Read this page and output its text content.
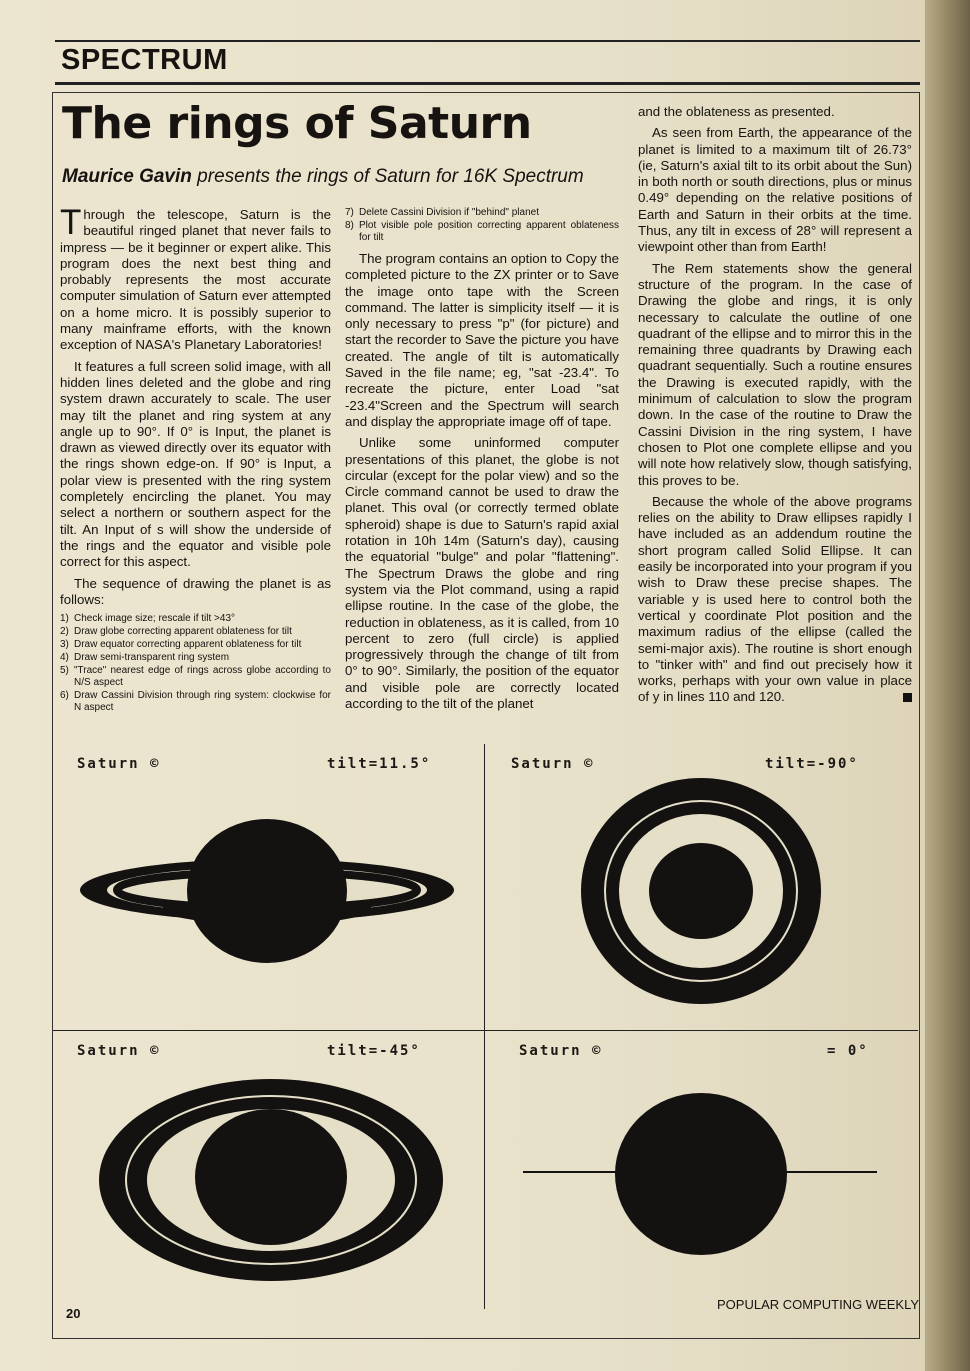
SPECTRUM
The rings of Saturn
Maurice Gavin presents the rings of Saturn for 16K Spectrum

Through the telescope, Saturn is the beautiful ringed planet that never fails to impress — be it beginner or expert alike. This program does the next best thing and probably represents the most accurate computer simulation of Saturn ever attempted on a home micro. It is possibly superior to many mainframe efforts, with the known exception of NASA's Planetary Laboratories!

It features a full screen solid image, with all hidden lines deleted and the globe and ring system drawn accurately to scale. The user may tilt the planet and ring system at any angle up to 90°. If 0° is Input, the planet is drawn as viewed directly over its equator with the rings shown edge-on. If 90° is Input, a polar view is presented with the ring system completely encircling the planet. You may select a northern or southern aspect for the tilt. An Input of s will show the underside of the rings and the equator and visible pole correct for this aspect.

The sequence of drawing the planet is as follows:

1) Check image size; rescale if tilt >43°
2) Draw globe correcting apparent oblateness for tilt
3) Draw equator correcting apparent oblateness for tilt
4) Draw semi-transparent ring system
5) "Trace" nearest edge of rings across globe according to N/S aspect
6) Draw Cassini Division through ring system: clockwise for N aspect
7) Delete Cassini Division if "behind" planet
8) Plot visible pole position correcting apparent oblateness for tilt

The program contains an option to Copy the completed picture to the ZX printer or to Save the image onto tape with the Screen command. The latter is simplicity itself — it is only necessary to press "p" (for picture) and start the recorder to Save the picture you have created. The angle of tilt is automatically Saved in the file name; eg, "sat -23.4". To recreate the picture, enter Load "sat -23.4"Screen and the Spectrum will search and display the appropriate image off of tape.

Unlike some uninformed computer presentations of this planet, the globe is not circular (except for the polar view) and so the Circle command cannot be used to draw the planet. This oval (or correctly termed oblate spheroid) shape is due to Saturn's rapid axial rotation in 10h 14m (Saturn's day), causing the equatorial "bulge" and polar "flattening". The Spectrum Draws the globe and ring system via the Plot command, using a rapid ellipse routine. In the case of the globe, the reduction in oblateness, as it is called, from 10 percent to zero (full circle) is applied progressively through the change of tilt from 0° to 90°. Similarly, the position of the equator and visible pole are correctly located according to the tilt of the planet

and the oblateness as presented.

As seen from Earth, the appearance of the planet is limited to a maximum tilt of 26.73° (ie, Saturn's axial tilt to its orbit about the Sun) in both north or south directions, plus or minus 0.49° depending on the relative positions of Earth and Saturn in their orbits at the time. Thus, any tilt in excess of 28° will represent a viewpoint other than from Earth!

The Rem statements show the general structure of the program. In the case of Drawing the globe and rings, it is only necessary to calculate the outline of one quadrant of the ellipse and to mirror this in the remaining three quadrants by Drawing each quadrant sequentially. Such a routine ensures the Drawing is executed rapidly, with the minimum of calculation to slow the program down. In the case of the routine to Draw the Cassini Division in the ring system, I have chosen to Plot one complete ellipse and you will note how relatively slow, though satisfying, this proves to be.

Because the whole of the above programs relies on the ability to Draw ellipses rapidly I have included as an addendum routine the short program called Solid Ellipse. It can easily be incorporated into your program if you wish to Draw these precise shapes. The variable y is used here to control both the vertical y coordinate Plot position and the maximum radius of the ellipse (called the semi-major axis). The routine is short enough to "tinker with" and find out precisely how it works, perhaps with your own value in place of y in lines 110 and 120.

Saturn ©	tilt=11.5°	Saturn ©	tilt=-90°
Saturn ©	tilt=-45°	Saturn ©	= 0°
20
POPULAR COMPUTING WEEKLY
